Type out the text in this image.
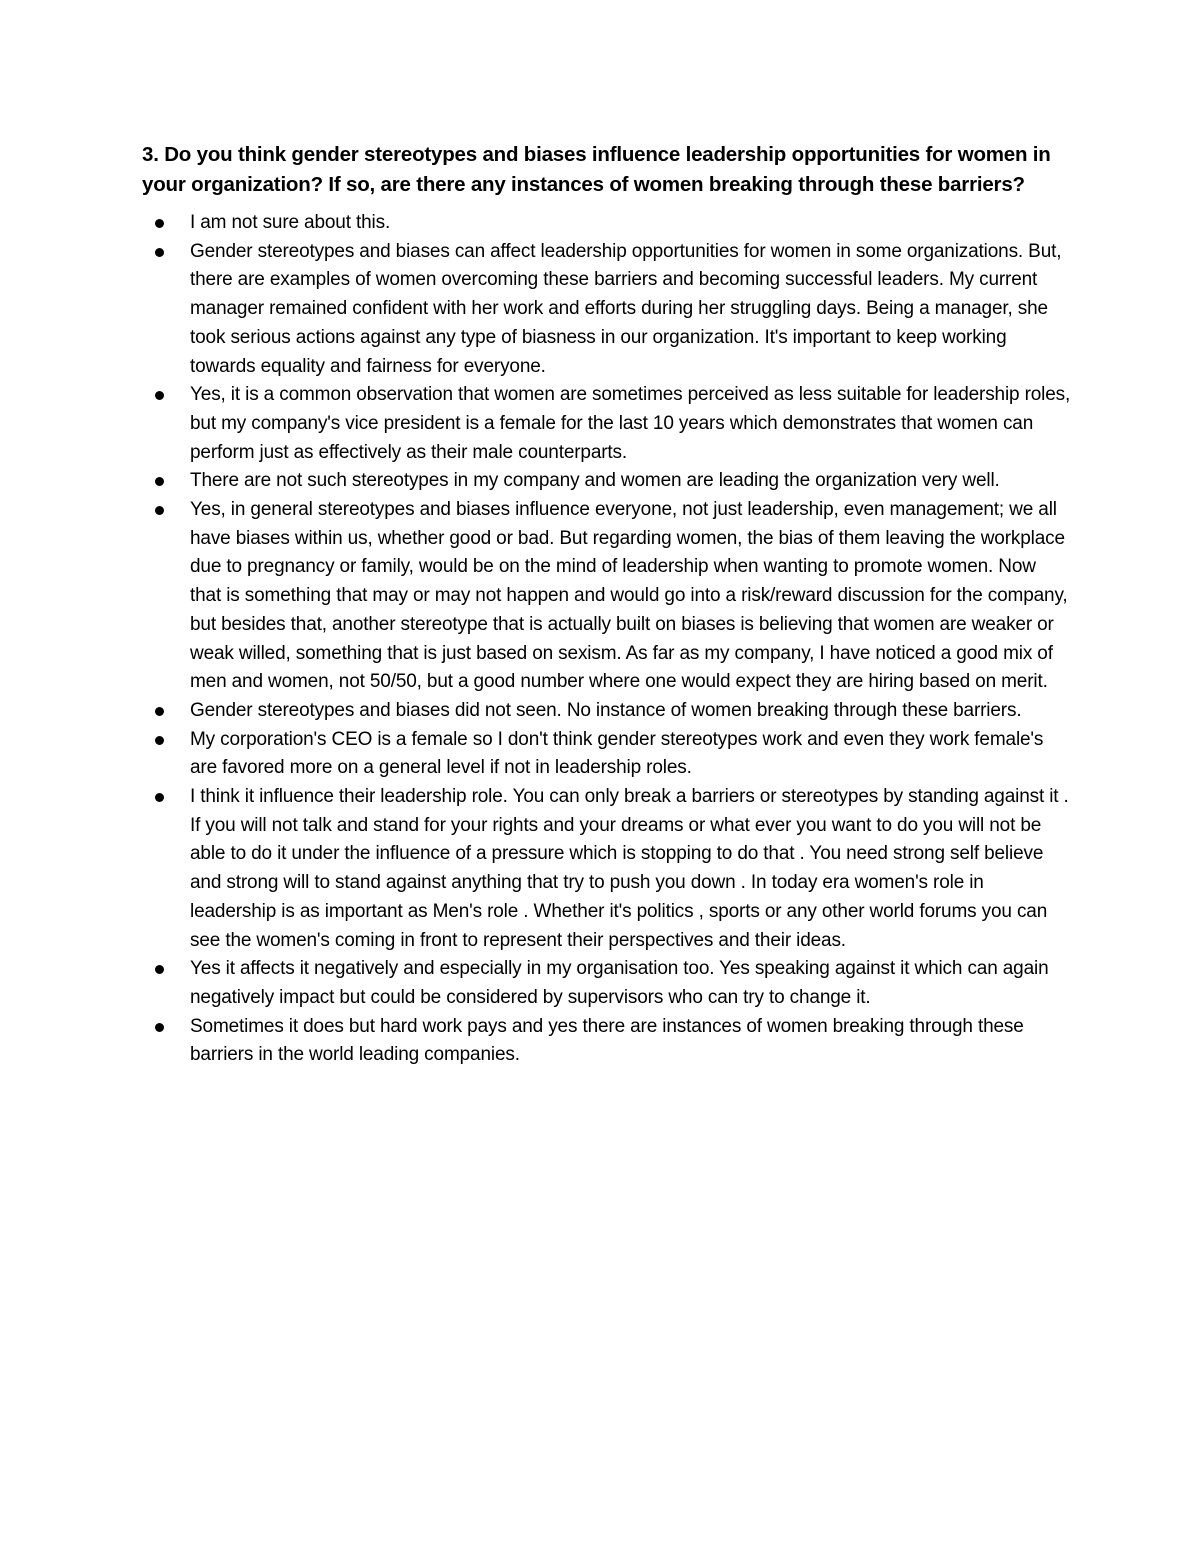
3. Do you think gender stereotypes and biases influence leadership opportunities for women in your organization? If so, are there any instances of women breaking through these barriers?

I am not sure about this.
Gender stereotypes and biases can affect leadership opportunities for women in some organizations. But, there are examples of women overcoming these barriers and becoming successful leaders. My current manager remained confident with her work and efforts during her struggling days. Being a manager, she took serious actions against any type of biasness in our organization. It's important to keep working towards equality and fairness for everyone.
Yes, it is a common observation that women are sometimes perceived as less suitable for leadership roles, but my company's vice president is a female for the last 10 years which demonstrates that women can perform just as effectively as their male counterparts.
There are not such stereotypes in my company and women are leading the organization very well.
Yes, in general stereotypes and biases influence everyone, not just leadership, even management; we all have biases within us, whether good or bad. But regarding women, the bias of them leaving the workplace due to pregnancy or family, would be on the mind of leadership when wanting to promote women. Now that is something that may or may not happen and would go into a risk/reward discussion for the company, but besides that, another stereotype that is actually built on biases is believing that women are weaker or weak willed, something that is just based on sexism. As far as my company, I have noticed a good mix of men and women, not 50/50, but a good number where one would expect they are hiring based on merit.
Gender stereotypes and biases did not seen. No instance of women breaking through these barriers.
My corporation's CEO is a female so I don't think gender stereotypes work and even they work female's are favored more on a general level if not in leadership roles.
I think it influence their leadership role. You can only break a barriers or stereotypes by standing against it . If you will not talk and stand for your rights and your dreams or what ever you want to do you will not be able to do it under the influence of a pressure which is stopping to do that . You need strong self believe and strong will to stand against anything that try to push you down . In today era women's role in leadership is as important as Men's role . Whether it's politics , sports or any other world forums you can see the women's coming in front to represent their perspectives and their ideas.
Yes it affects it negatively and especially in my organisation too. Yes speaking against it which can again negatively impact but could be considered by supervisors who can try to change it.
Sometimes it does but hard work pays and yes there are instances of women breaking through these barriers in the world leading companies.
